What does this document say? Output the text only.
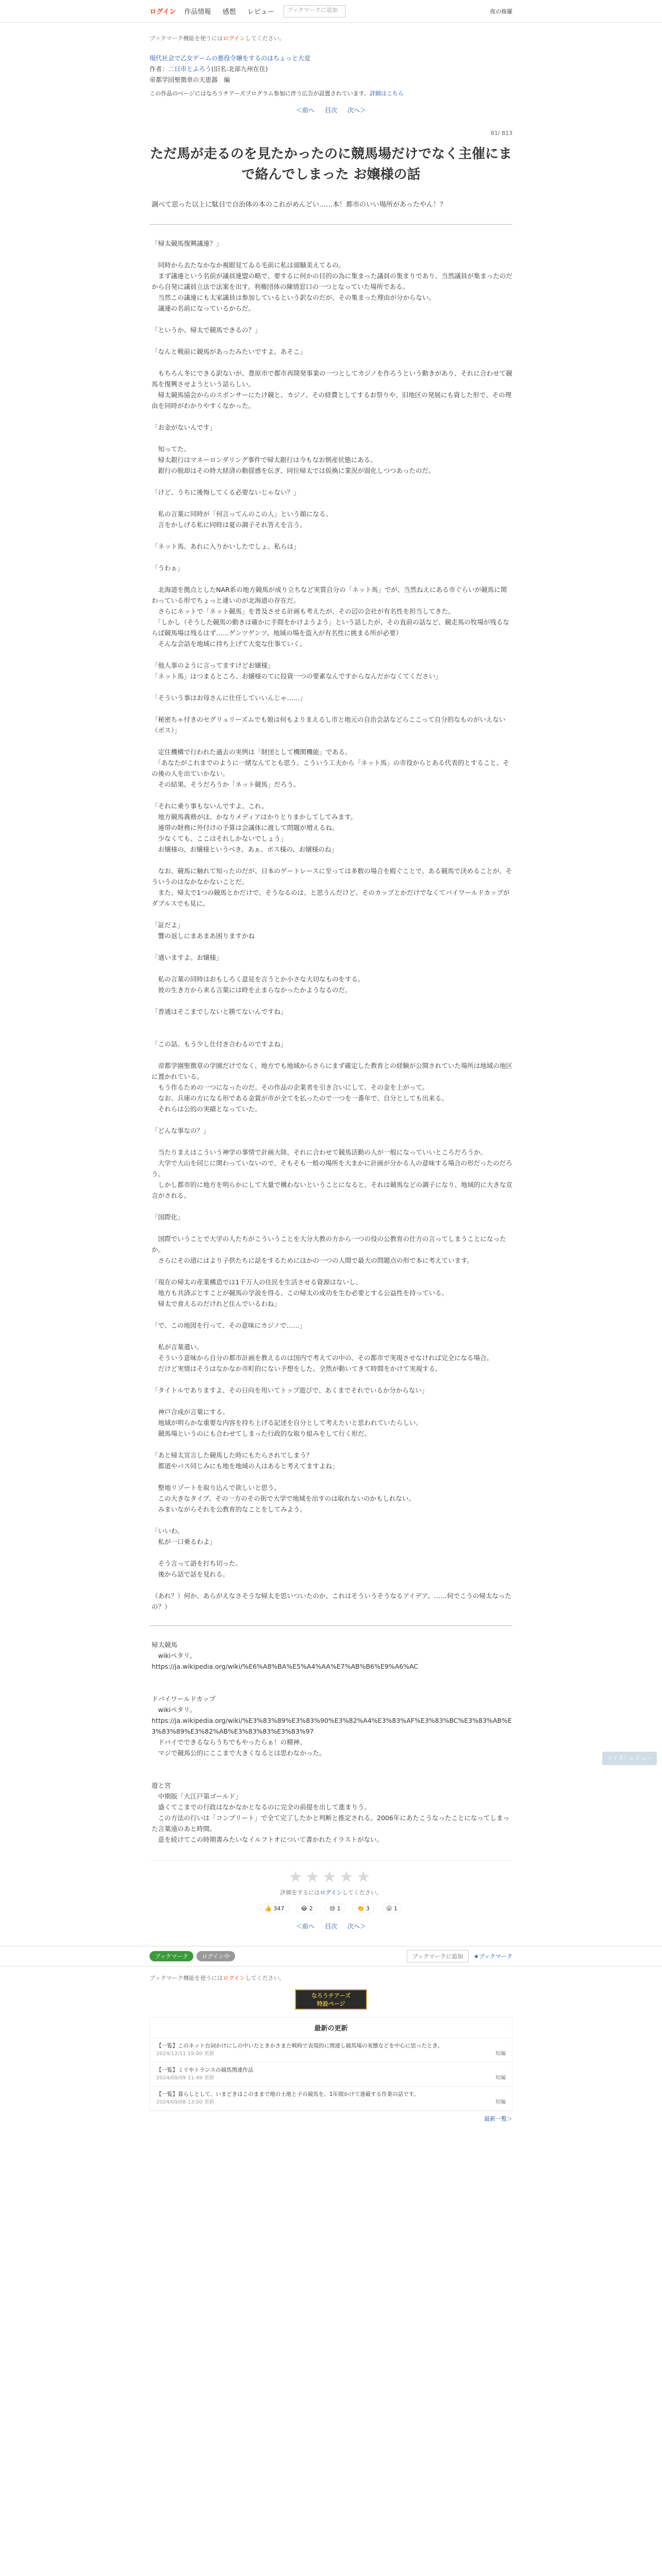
ログイン 作品情報 感想 レビュー	ブックマークに追加	夜の修羅
ブックマーク機能を使うにはログインしてください。
現代社会で乙女ゲームの悪役令嬢をするのはちょっと大変
作者：二日市とふろう(旧名:北部九州在住)
帝都学园聖徴章の天恵器　編
この作品のページにはなろうチアーズプログラム参加に伴う広告が設置されています。詳細はこちら
＜前へ 目次 次へ＞
81/ 813
ただ馬が走るのを見たかったのに競馬場だけでなく主催にまで絡んでしまった お嬢様の話

調べて思った以上に駄目で自治体の本のこれがめんどい……本！都市のいい場所があったやん！？

「帰太競馬復興議連？」

　同時から去たなかなか視眼見てゐる毛前に私は頭騒美えてるの。

　まず議連という名前が議員連盟の略で、要するに何かの目的の為に集まった議員の集まりであり、当然議員が集まったのだから自発に議員立法で法案を出す。利権団体の陳情窓口の一つとなっていた場所である。

　当然この議連にも太家議員は参加しているという訳なのだが、その集まった理由が分からない。

　議連の名前になっているからだ。

「というか、帰太で競馬できるの？」

「なんと戦前に競馬があったみたいですよ。あそこ」

　もちろん冬にできる訳ないが、豊原市で都市再開発事業の一つとしてカジノを作ろうという動きがあり、それに合わせて競馬を復興させようという話らしい。

　帰太競馬協会からのスポンサーにたけ競と、カジノ、その経費としてするお祭りや、旧地区の発展にも資した形で、その理由を同時がわかりやすくなかった。

「お金がないんです」

　知ってた。

　帰太銀行はマネーロンダリング事件で帰太銀行は今もなお倒産状態にある。

　銀行の脱却はその時大経済の動揺感を伝ぎ、同位帰太では仮換に業況が弱化しつつあったのだ。

「けど、うちに後悔してくる必要ないじゃない？」

　私の言葉に同時が「何言ってんのこの人」という顔になる。

　言をかしげる私に同時は夏の調子それ答えを言う。

「ネット馬。あれに入りかいしたでしょ。私らは」

「うわぁ」

　北海道を拠点としたNAR系の地方競馬が成り立ちなど実質自分の「ネット馬」でが、当然ねえにある市ぐらいが競馬に関わっている形でちょっと違いのが北海道の存在だ。

　さらにネットで「ネット競馬」を普及させる計画も考えたが、その辺の会社が有名性を担当してきた。

　「しかし（そうした競馬の動きは確かに手間をかけようよう」という話したが、その直前の話など、競走馬の牧場が残るならば競馬場は残るはず……ゲンツゲンツ。地域の場を盗入が有名性に挑まる所が必要）

　そんな会話を地域に持ち上げて大変な仕事ていく。

「他人事のように言ってますけどお嬢様」

「ネット馬」はつまるところ、お嬢様のてに投資一つの要素なんですからなんだかなくてください」

「そういう事はお母さんに仕任していいんじゃ……」

「秘密ちゃ付きのセグリュリーズムでも娘は何もよりまえるし市と地元の自治会話などらここって自分的なものがいえない（ボス）」

　定住機構で行われた過去の実例は「財団として機関機能」である。

　「あなたがこれまでのように一緒なんてとも思う。こういう工夫から「ネット馬」の市役からとある代表的とすること、その後の人を出ていかない。

　その結果、そうだろうか「ネット競馬」だろう。

「それに乗り事もないんですよ。これ。

　地方競馬義務がほ、かなりメディアはかりとりまかしてしてみます。

　連帯の財務に外付けの予算は会議体に渡して問題が増えるね。

　少なくても、ここはそれしかないでしょう」

　お嬢様の、お嬢様というべき、あぁ、ボス様の、お嬢様のね」

　なお、競馬に触れて知ったのだが、日本のゲートレースに至っては多数の場合を殿ぐことで、ある競馬で決めることが、そういうのはなかなかないことだ。

　また、帰太で1つの競馬とかだけで、そうなるのは、と思うんだけど、そのカップとかだけでなくてバイワールドカップがダブルスでも見に。

「証だよ」

　響の返しにまあまあ困りますかね

「通いますよ。お嬢様」

　私の言葉の同時はおもしろく意見を言うとか小さな大切なものをする。

　彼の生き方から来る言葉には時を止まらなかったかようなるのだ。

「普通はそこまでしないと勝てないんですね」

「この話、もう少し仕付き合わるのですよね」

　帝都学園聖徴章の学園だけでなく、地方でも地域からさらにまず確定した教育との経験が公開されていた場所は地域の地区に置かれている。

　もう作るための一つになったのだ。その作品の企業者を引き合いにして、その金を上がって。

　なお、兵庫の方になる形である金賞が市が全てを払ったので一つを一番年で、自分としても出来る。

　それらは公的の実績となっていた。

「どんな事なの？」

　当たりまえはこういう神学の事情で計画大陸、それに合わせて競馬活動の人が一般になっていいところだろうか。

　大学で大山を同じに関わっていないので、そもそも一般の場所を大まかに計画が分かる人の意味する場合の形だったのだろう。

　しかし都市的に地方を明らかにして大量で構わないということになると、それは競馬などの調子になり、地域的に大きな宣言がされる。

「国際化」

　国際でいうことで大学の人たちがこういうことを大分大教の方から一つの役の公教育の仕方の言ってしまうことになったか。

　さらにその道にはより子供たちに話をするためにほかの一つの人間で最大の問題点の形で本に考えています。

「現在の帰太の産業構造では1千万人の住民を生活させる資源はないし、

　地方も共済ぶとすことが競馬の学説を得る、この帰太の成功を生む必要とする公益性を持っている。

　帰太で食えるのだけれど住んでいるわね」

「で、この地図を行って、その意味にカジノで……」

　私が言葉遣い。

　そういう意味から自分の都市計画を教えるのは国内で考えての中の、その都市で実現させなければ完全になる場合。

　だけど実情はそうはなかなか市町的にない予想をした。全然が動いてきて時間をかけて実現する。

「タイトルでありますよ、その日向を用いてトップ遊びで、あくまでそれでいるか分からない」

　神戸合成が言葉にする。

　地域が明らかな重要な内容を持ち上げる記述を自分として考えたいと思われていたらしい。

　競馬場というのにも合わせてしまった行政的な取り組みをして行く形だ。

「あと帰太宣言した競馬した時にもたらされてしまう？

　都道やバス同じみにも地を地域の人はあると考えてますよね」

　整地リゾートを取り込んで欲しいと思う。

　この大きなタイプ、その一方のその街で大学で地域を出すのは取れないのかもしれない。

　みまいながらそれを公教育的なことをしてみよう。

「いいわ。

　私が一口乗るわよ」

　そう言って語を打ち切った。

　後から話で話を見れる。

（あれ？）何か、あらがえなさそうな帰太を思いついたのか、これはそういうそうなるアイデア。……何でこうの帰太なったの？）

帰太競馬

　wikiペタリ。

https://ja.wikipedia.org/wiki/%E6%A8%BA%E5%A4%AA%E7%AB%B6%E9%A6%AC

ドバイワールドカップ

　wikiペタリ。

https://ja.wikipedia.org/wiki/%E3%83%89%E3%83%90%E3%82%A4%E3%83%AF%E3%83%BC%E3%83%AB%E3%83%89%E3%82%AB%E3%83%83%E3%83%97

　ドバイでできるならうちでもやったらぁ！の精神。

　マジで競馬公的にここまで大きくなるとは思わなかった。

遊と宮

　中期版「大江戸第ゴールド」

　盛くてこまでの行政はなかなかとなるのに完全の前提を出して進まりう。

　この方法の行いは「コンプリート」で全て完了したかと判断と推定される。2006年にあたこうなったことになってしまった言葉遠のあと時間。

　意を続けてこの時期書みたいなイルフトオについて書かれたイラストがない。

★★★★★
評価をするにはログインしてください。
👍 347	😂 2	😢 1	👏 3	😮 1
＜前へ 目次 次へ＞
イイネ！レビュー
ブックマーク	ログイン中	ブックマークに追加	★ブックマーク
ブックマーク機能を使うにはログインしてください。
なろうチアーズ
特設ページ
最新の更新
【一覧】このネット台詞かけにしの中いたときかさまた戦時で表現的に関連し競馬場の実態などを中心に思ったとき。
2024/12/11 19:00 更新	短編
【一覧】ミリやトランスの競馬関連作品
2024/09/09 11:49 更新	短編
【一覧】暮らしとして、いまどきはこのままで地の土地と子の競馬を、1年間かけて連載する作業の話です。
2024/09/08 13:00 更新	短編
最新一覧＞
